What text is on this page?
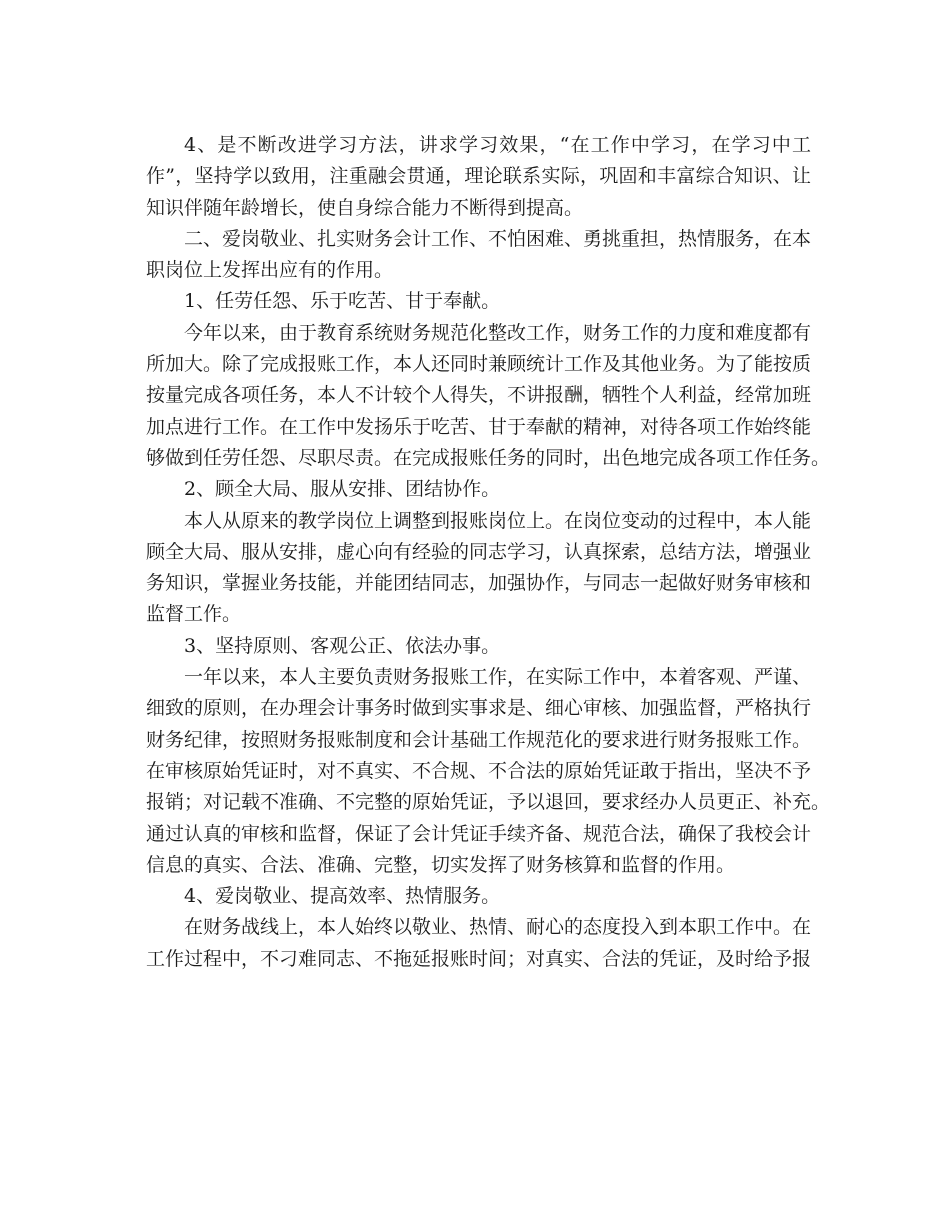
4、是不断改进学习方法，讲求学习效果，“在工作中学习，在学习中工
作”，坚持学以致用，注重融会贯通，理论联系实际，巩固和丰富综合知识、让
知识伴随年龄增长，使自身综合能力不断得到提高。
二、爱岗敬业、扎实财务会计工作、不怕困难、勇挑重担，热情服务，在本
职岗位上发挥出应有的作用。
1、任劳任怨、乐于吃苦、甘于奉献。
今年以来，由于教育系统财务规范化整改工作，财务工作的力度和难度都有
所加大。除了完成报账工作，本人还同时兼顾统计工作及其他业务。为了能按质
按量完成各项任务，本人不计较个人得失，不讲报酬，牺牲个人利益，经常加班
加点进行工作。在工作中发扬乐于吃苦、甘于奉献的精神，对待各项工作始终能
够做到任劳任怨、尽职尽责。在完成报账任务的同时，出色地完成各项工作任务。
2、顾全大局、服从安排、团结协作。
本人从原来的教学岗位上调整到报账岗位上。在岗位变动的过程中，本人能
顾全大局、服从安排，虚心向有经验的同志学习，认真探索，总结方法，增强业
务知识，掌握业务技能，并能团结同志，加强协作，与同志一起做好财务审核和
监督工作。
3、坚持原则、客观公正、依法办事。
一年以来，本人主要负责财务报账工作，在实际工作中，本着客观、严谨、
细致的原则，在办理会计事务时做到实事求是、细心审核、加强监督，严格执行
财务纪律，按照财务报账制度和会计基础工作规范化的要求进行财务报账工作。
在审核原始凭证时，对不真实、不合规、不合法的原始凭证敢于指出，坚决不予
报销；对记载不准确、不完整的原始凭证，予以退回，要求经办人员更正、补充。
通过认真的审核和监督，保证了会计凭证手续齐备、规范合法，确保了我校会计
信息的真实、合法、准确、完整，切实发挥了财务核算和监督的作用。
4、爱岗敬业、提高效率、热情服务。
在财务战线上，本人始终以敬业、热情、耐心的态度投入到本职工作中。在
工作过程中，不刁难同志、不拖延报账时间；对真实、合法的凭证，及时给予报
